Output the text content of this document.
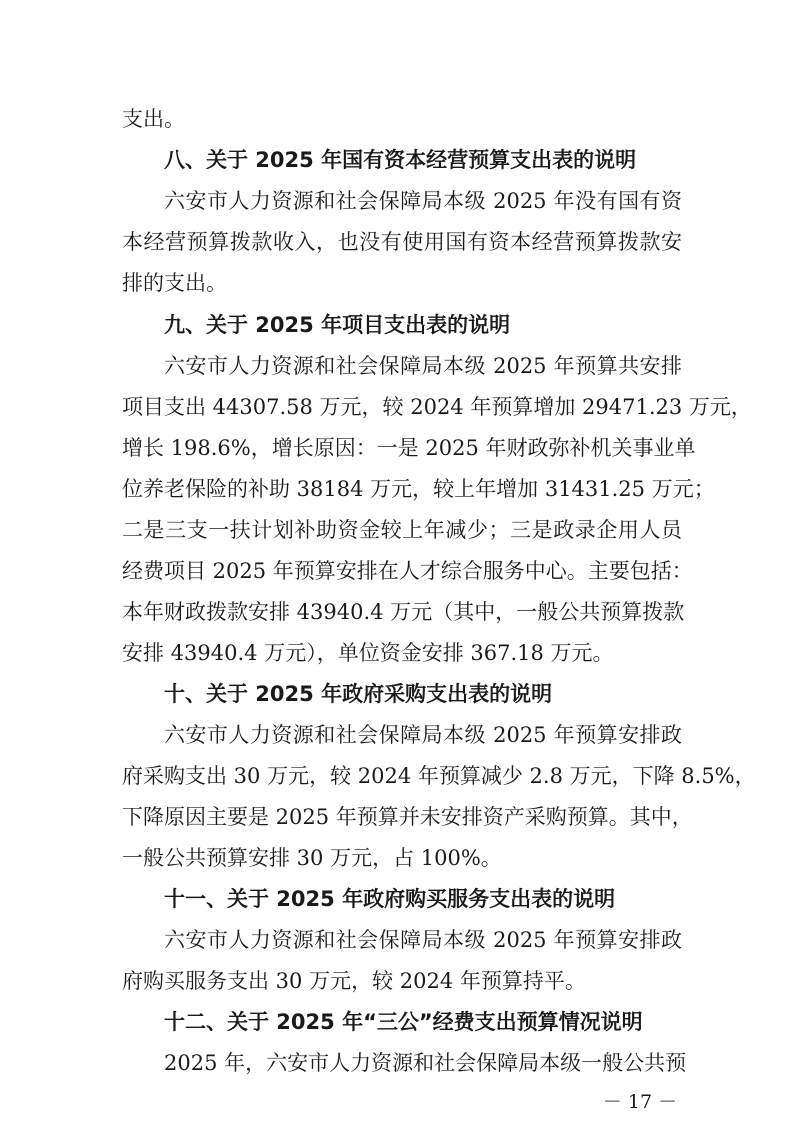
支出。
八、关于 2025 年国有资本经营预算支出表的说明
六安市人力资源和社会保障局本级 2025 年没有国有资
本经营预算拨款收入，也没有使用国有资本经营预算拨款安
排的支出。
九、关于 2025 年项目支出表的说明
六安市人力资源和社会保障局本级 2025 年预算共安排
项目支出 44307.58 万元，较 2024 年预算增加 29471.23 万元，
增长 198.6%，增长原因：一是 2025 年财政弥补机关事业单
位养老保险的补助 38184 万元，较上年增加 31431.25 万元；
二是三支一扶计划补助资金较上年减少；三是政录企用人员
经费项目 2025 年预算安排在人才综合服务中心。主要包括：
本年财政拨款安排 43940.4 万元（其中，一般公共预算拨款
安排 43940.4 万元），单位资金安排 367.18 万元。
十、关于 2025 年政府采购支出表的说明
六安市人力资源和社会保障局本级 2025 年预算安排政
府采购支出 30 万元，较 2024 年预算减少 2.8 万元，下降 8.5%，
下降原因主要是 2025 年预算并未安排资产采购预算。其中，
一般公共预算安排 30 万元，占 100%。
十一、关于 2025 年政府购买服务支出表的说明
六安市人力资源和社会保障局本级 2025 年预算安排政
府购买服务支出 30 万元，较 2024 年预算持平。
十二、关于 2025 年“三公”经费支出预算情况说明
2025 年，六安市人力资源和社会保障局本级一般公共预
－ 17 －
